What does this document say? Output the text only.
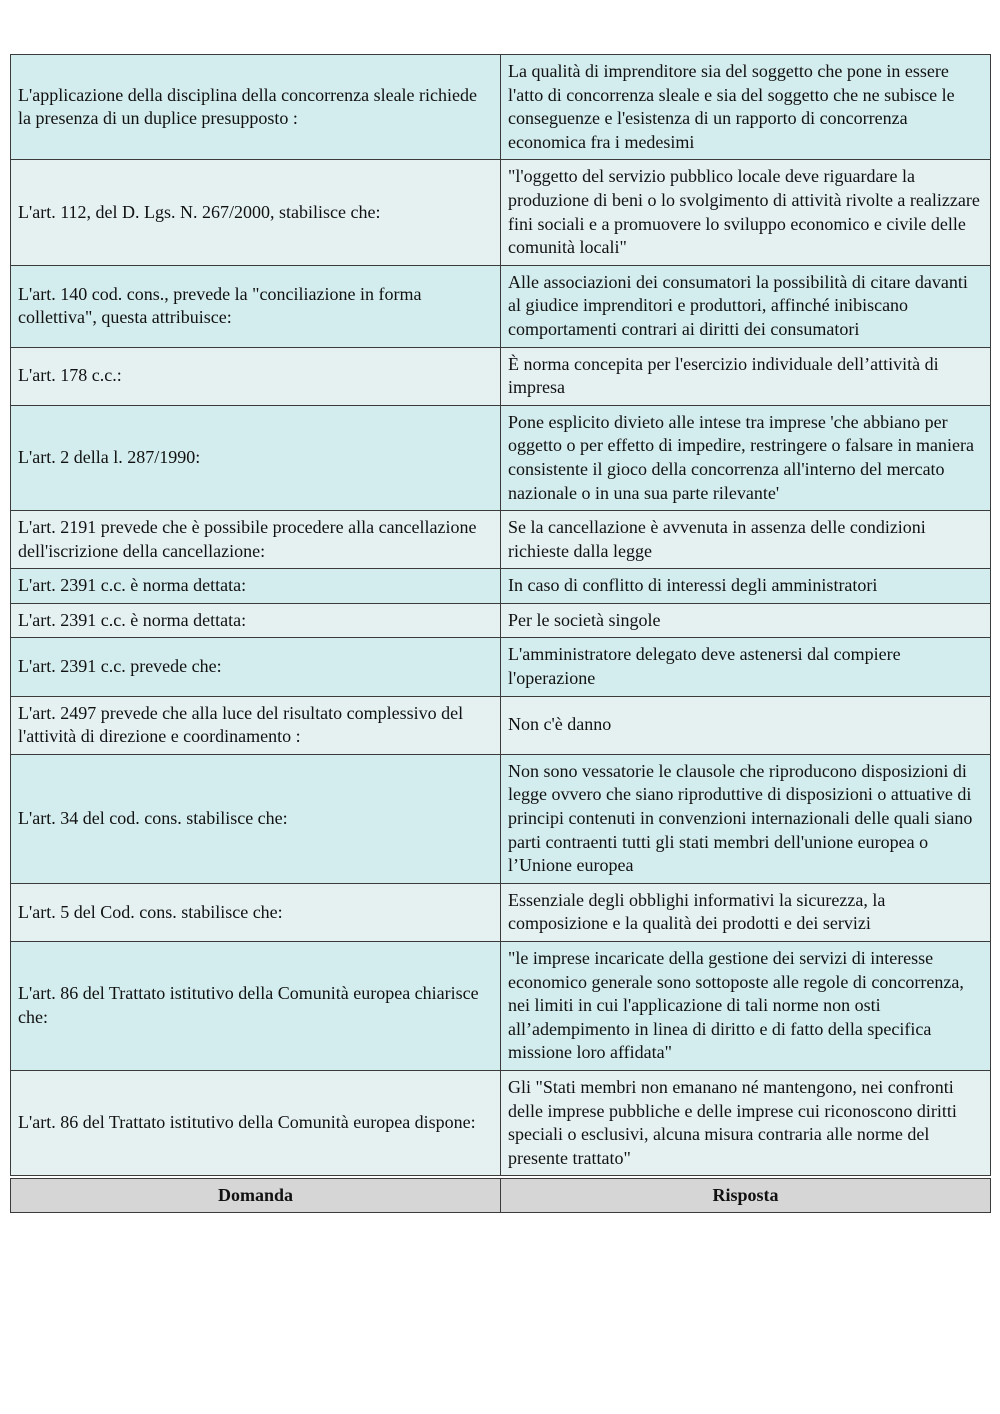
L'applicazione della disciplina della concorrenza sleale richiede la presenza di un duplice presupposto :	La qualità di imprenditore sia del soggetto che pone in essere l'atto di concorrenza sleale e sia del soggetto che ne subisce le conseguenze e l'esistenza di un rapporto di concorrenza economica fra i medesimi
L'art. 112, del D. Lgs. N. 267/2000, stabilisce che:	"l'oggetto del servizio pubblico locale deve riguardare la produzione di beni o lo svolgimento di attività rivolte a realizzare fini sociali e a promuovere lo sviluppo economico e civile delle comunità locali"
L'art. 140 cod. cons., prevede la "conciliazione in forma collettiva", questa attribuisce:	Alle associazioni dei consumatori la possibilità di citare davanti al giudice imprenditori e produttori, affinché inibiscano comportamenti contrari ai diritti dei consumatori
L'art. 178 c.c.:	È norma concepita per l'esercizio individuale dell’attività di impresa
L'art. 2 della l. 287/1990:	Pone esplicito divieto alle intese tra imprese 'che abbiano per oggetto o per effetto di impedire, restringere o falsare in maniera consistente il gioco della concorrenza all'interno del mercato nazionale o in una sua parte rilevante'
L'art. 2191 prevede che è possibile procedere alla cancellazione dell'iscrizione della cancellazione:	Se la cancellazione è avvenuta in assenza delle condizioni richieste dalla legge
L'art. 2391 c.c. è norma dettata:	In caso di conflitto di interessi degli amministratori
L'art. 2391 c.c. è norma dettata:	Per le società singole
L'art. 2391 c.c. prevede che:	L'amministratore delegato deve astenersi dal compiere l'operazione
L'art. 2497 prevede che alla luce del risultato complessivo del l'attività di direzione e coordinamento :	Non c'è danno
L'art. 34 del cod. cons. stabilisce che:	Non sono vessatorie le clausole che riproducono disposizioni di legge ovvero che siano riproduttive di disposizioni o attuative di principi contenuti in convenzioni internazionali delle quali siano parti contraenti tutti gli stati membri dell'unione europea o l’Unione europea
L'art. 5 del Cod. cons. stabilisce che:	Essenziale degli obblighi informativi la sicurezza, la composizione e la qualità dei prodotti e dei servizi
L'art. 86 del Trattato istitutivo della Comunità europea chiarisce che:	"le imprese incaricate della gestione dei servizi di interesse economico generale sono sottoposte alle regole di concorrenza, nei limiti in cui l'applicazione di tali norme non osti all’adempimento in linea di diritto e di fatto della specifica missione loro affidata"
L'art. 86 del Trattato istitutivo della Comunità europea dispone:	Gli "Stati membri non emanano né mantengono, nei confronti delle imprese pubbliche e delle imprese cui riconoscono diritti speciali o esclusivi, alcuna misura contraria alle norme del presente trattato"
Domanda	Risposta
